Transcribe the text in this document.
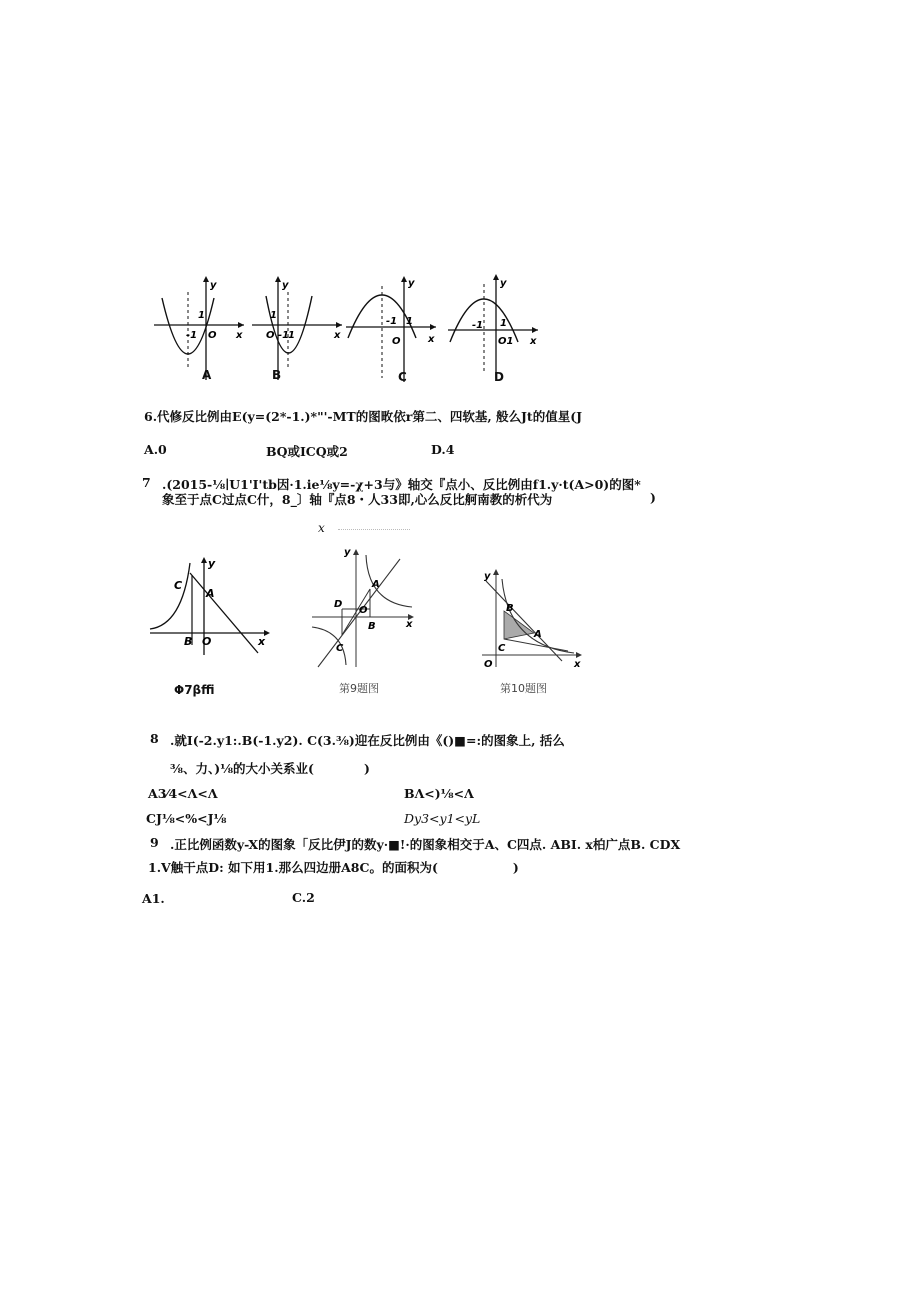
y
x
1
-1 O
A
y
x
1
O -1
1
B
y
x
-1 1
O
C
y
x
-1 1
O1
D
6.代修反比例由E(y=(2*-1.)*"'-MT的图畋依r第二、四软基, 般么Jt的值星(J
A.0	BQ或ICQ或2	D.4
7 .(2015-⅛∣U1'I'tb因·1.ie⅛y=-χ+3与》轴交『点小、反比例由f1.y·t(A>0)的图*
象至于点C过点C什，8_〕轴『点8・人33即,心么反比舸南教的析代为	)
C
A
B O	x
y
Φ7βffi
x
y
A
D
O
B
C
x
第9题图
y
B
A
C
O	x
第10题图
8 .就I(-2.y1:.B(-1.y2). C(3.⅜)迎在反比例由《()■=:的图象上, 括么
⅜、力、)⅛的大小关系业(　　　　)
A3⁄4<Λ<Λ	BΛ<)⅛<Λ
CJ⅛<%<J⅛	Dy3<y1<yL
9 .正比例函数y-X的图象「反比伊J的数y·■!·的图象相交于A、C四点. ABI. x柏广点B. CDX
1.V触干点D: 如下用1.那么四边册A8C。的面积为(　　　　　　)
A1.	C.2
